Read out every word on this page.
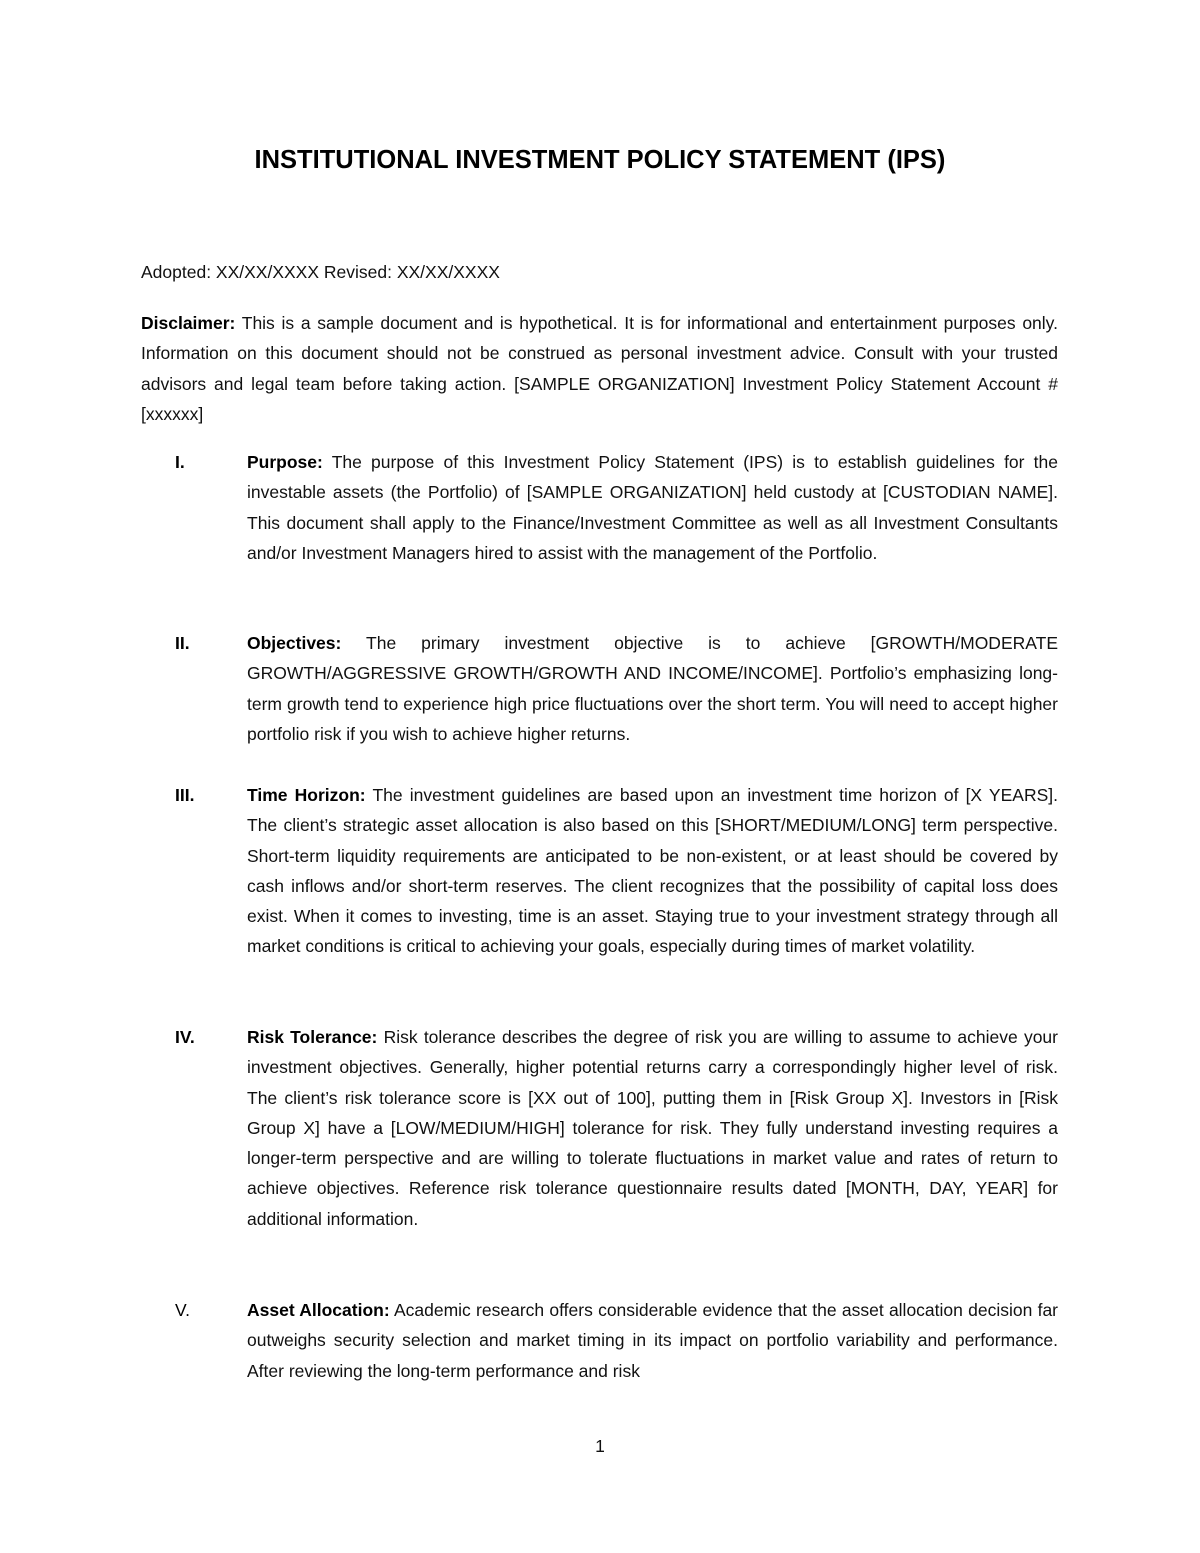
INSTITUTIONAL INVESTMENT POLICY STATEMENT (IPS)
Adopted: XX/XX/XXXX Revised: XX/XX/XXXX
Disclaimer: This is a sample document and is hypothetical. It is for informational and entertainment purposes only. Information on this document should not be construed as personal investment advice. Consult with your trusted advisors and legal team before taking action. [SAMPLE ORGANIZATION] Investment Policy Statement Account # [xxxxxx]
I.	Purpose: The purpose of this Investment Policy Statement (IPS) is to establish guidelines for the investable assets (the Portfolio) of [SAMPLE ORGANIZATION] held custody at [CUSTODIAN NAME]. This document shall apply to the Finance/Investment Committee as well as all Investment Consultants and/or Investment Managers hired to assist with the management of the Portfolio.
II.	Objectives: The primary investment objective is to achieve [GROWTH/MODERATE GROWTH/AGGRESSIVE GROWTH/GROWTH AND INCOME/INCOME]. Portfolio’s emphasizing long-term growth tend to experience high price fluctuations over the short term. You will need to accept higher portfolio risk if you wish to achieve higher returns.
III.	Time Horizon: The investment guidelines are based upon an investment time horizon of [X YEARS]. The client’s strategic asset allocation is also based on this [SHORT/MEDIUM/LONG] term perspective. Short-term liquidity requirements are anticipated to be non-existent, or at least should be covered by cash inflows and/or short-term reserves. The client recognizes that the possibility of capital loss does exist. When it comes to investing, time is an asset. Staying true to your investment strategy through all market conditions is critical to achieving your goals, especially during times of market volatility.
IV.	Risk Tolerance: Risk tolerance describes the degree of risk you are willing to assume to achieve your investment objectives. Generally, higher potential returns carry a correspondingly higher level of risk. The client’s risk tolerance score is [XX out of 100], putting them in [Risk Group X]. Investors in [Risk Group X] have a [LOW/MEDIUM/HIGH] tolerance for risk. They fully understand investing requires a longer-term perspective and are willing to tolerate fluctuations in market value and rates of return to achieve objectives. Reference risk tolerance questionnaire results dated [MONTH, DAY, YEAR] for additional information.
V.	Asset Allocation: Academic research offers considerable evidence that the asset allocation decision far outweighs security selection and market timing in its impact on portfolio variability and performance. After reviewing the long-term performance and risk
1
